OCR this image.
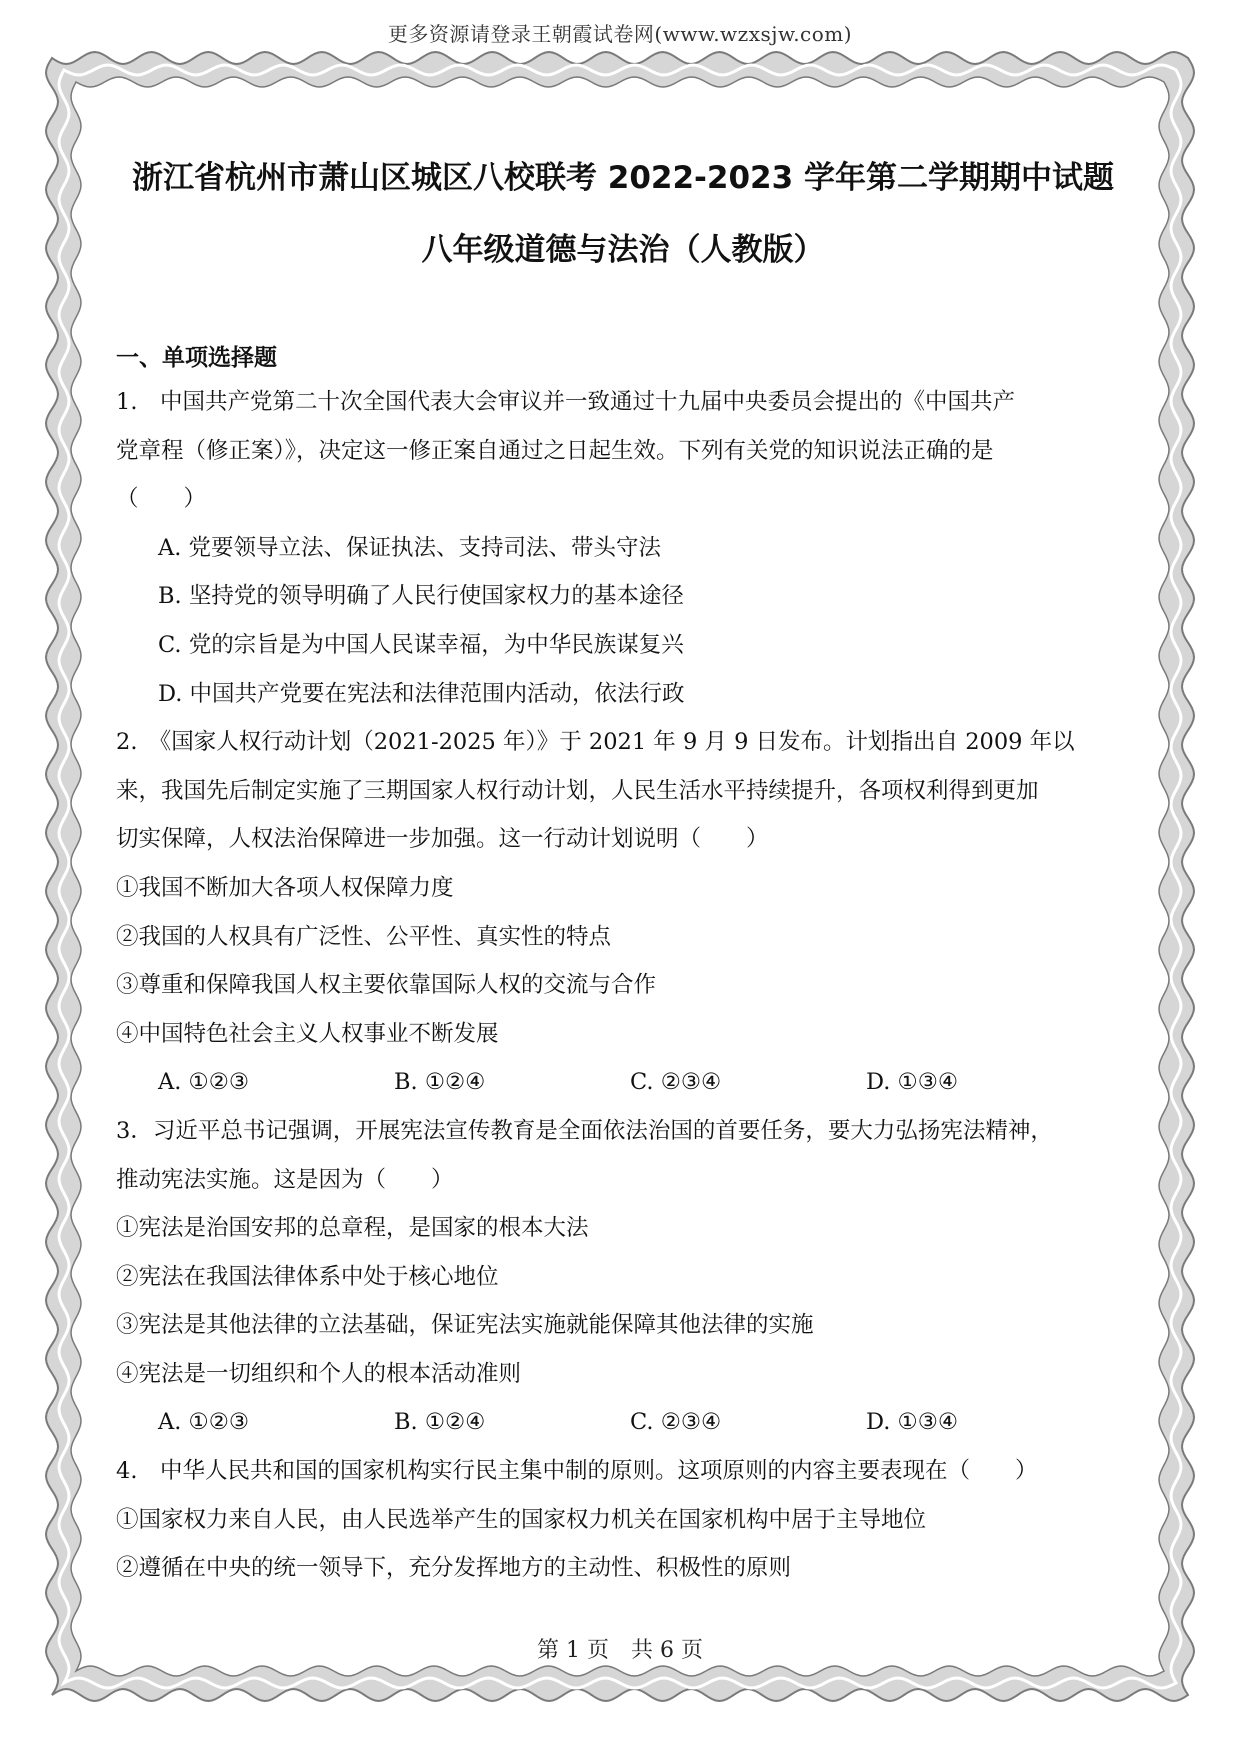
更多资源请登录王朝霞试卷网(www.wzxsjw.com)
浙江省杭州市萧山区城区八校联考 2022-2023 学年第二学期期中试题
八年级道德与法治（人教版）
一、单项选择题
1.　中国共产党第二十次全国代表大会审议并一致通过十九届中央委员会提出的《中国共产
党章程（修正案）》，决定这一修正案自通过之日起生效。下列有关党的知识说法正确的是
（　　）
A. 党要领导立法、保证执法、支持司法、带头守法
B. 坚持党的领导明确了人民行使国家权力的基本途径
C. 党的宗旨是为中国人民谋幸福，为中华民族谋复兴
D. 中国共产党要在宪法和法律范围内活动，依法行政
2.　《国家人权行动计划（2021-2025 年）》于 2021 年 9 月 9 日发布。计划指出自 2009 年以
来，我国先后制定实施了三期国家人权行动计划，人民生活水平持续提升，各项权利得到更加
切实保障，人权法治保障进一步加强。这一行动计划说明（　　）
①我国不断加大各项人权保障力度
②我国的人权具有广泛性、公平性、真实性的特点
③尊重和保障我国人权主要依靠国际人权的交流与合作
④中国特色社会主义人权事业不断发展
A. ①②③	B. ①②④	C. ②③④	D. ①③④
3．习近平总书记强调，开展宪法宣传教育是全面依法治国的首要任务，要大力弘扬宪法精神，
推动宪法实施。这是因为（　　）
①宪法是治国安邦的总章程，是国家的根本大法
②宪法在我国法律体系中处于核心地位
③宪法是其他法律的立法基础，保证宪法实施就能保障其他法律的实施
④宪法是一切组织和个人的根本活动准则
A. ①②③	B. ①②④	C. ②③④	D. ①③④
4.　中华人民共和国的国家机构实行民主集中制的原则。这项原则的内容主要表现在（　　）
①国家权力来自人民，由人民选举产生的国家权力机关在国家机构中居于主导地位
②遵循在中央的统一领导下，充分发挥地方的主动性、积极性的原则
第 1 页　共 6 页
